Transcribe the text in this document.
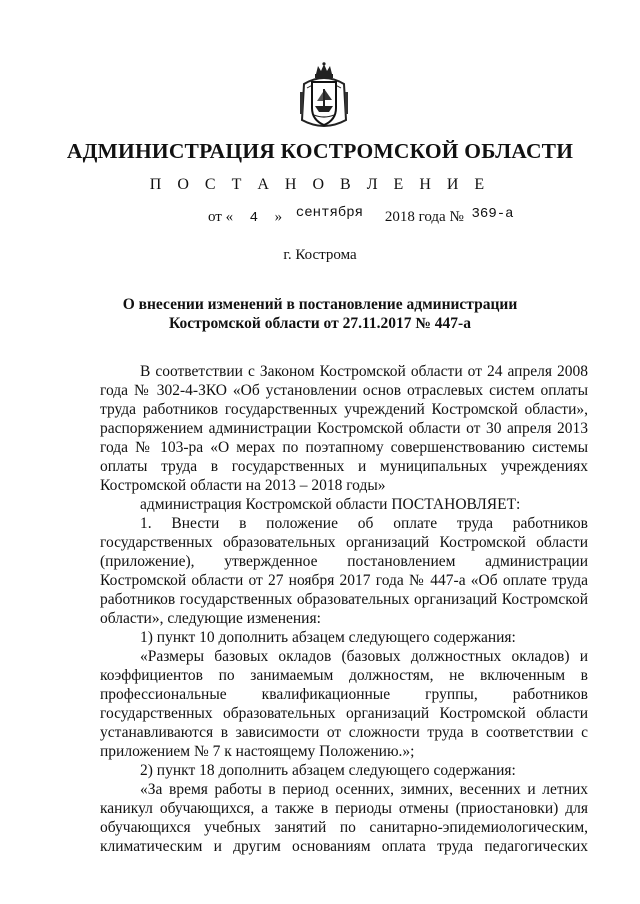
АДМИНИСТРАЦИЯ КОСТРОМСКОЙ ОБЛАСТИ
П О С Т А Н О В Л Е Н И Е
от « 4 » сентября 2018 года № 369-а
г. Кострома
О внесении изменений в постановление администрации
Костромской области от 27.11.2017 № 447-а

В соответствии с Законом Костромской области от 24 апреля 2008 года № 302-4-ЗКО «Об установлении основ отраслевых систем оплаты труда работников государственных учреждений Костромской области», распоряжением администрации Костромской области от 30 апреля 2013 года № 103-ра «О мерах по поэтапному совершенствованию системы оплаты труда в государственных и муниципальных учреждениях Костромской области на 2013 – 2018 годы»

администрация Костромской области ПОСТАНОВЛЯЕТ:

1. Внести в положение об оплате труда работников государственных образовательных организаций Костромской области (приложение), утвержденное постановлением администрации Костромской области от 27 ноября 2017 года № 447-а «Об оплате труда работников государственных образовательных организаций Костромской области», следующие изменения:

1) пункт 10 дополнить абзацем следующего содержания:

«Размеры базовых окладов (базовых должностных окладов) и коэффициентов по занимаемым должностям, не включенным в профессиональные квалификационные группы, работников государственных образовательных организаций Костромской области устанавливаются в зависимости от сложности труда в соответствии с приложением № 7 к настоящему Положению.»;

2) пункт 18 дополнить абзацем следующего содержания:

«За время работы в период осенних, зимних, весенних и летних каникул обучающихся, а также в периоды отмены (приостановки) для обучающихся учебных занятий по санитарно-эпидемиологическим, климатическим и другим основаниям оплата труда педагогических
